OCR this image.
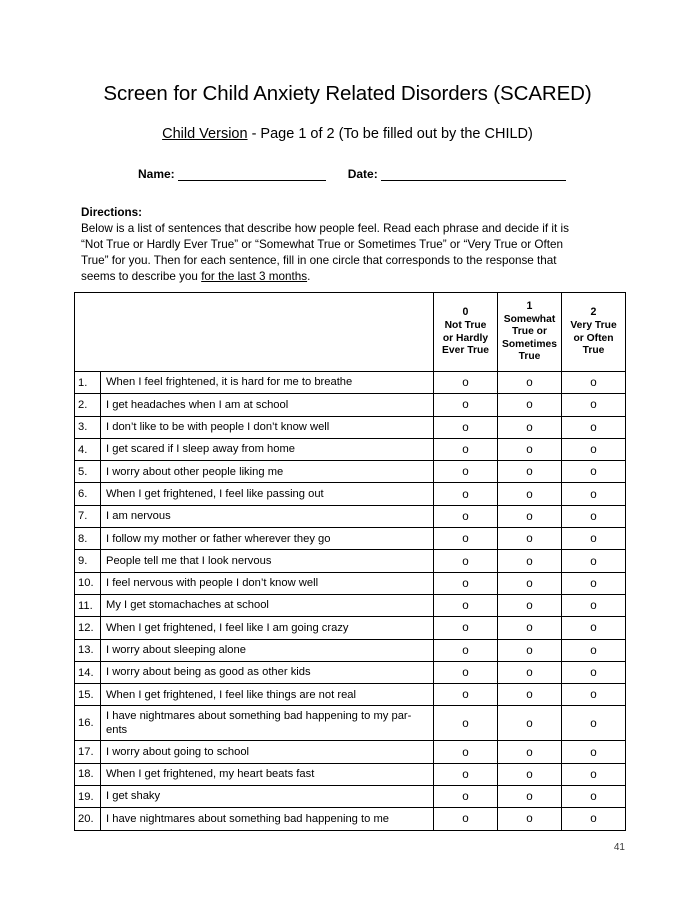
Screen for Child Anxiety Related Disorders (SCARED)
Child Version - Page 1 of 2 (To be filled out by the CHILD)
Name:	Date:
Directions:
Below is a list of sentences that describe how people feel. Read each phrase and decide if it is
“Not True or Hardly Ever True” or “Somewhat True or Sometimes True” or “Very True or Often
True” for you. Then for each sentence, fill in one circle that corresponds to the response that
seems to describe you for the last 3 months.

		0
Not True
or Hardly
Ever True	1
Somewhat
True or
Sometimes
True	2
Very True
or Often
True

1.	When I feel frightened, it is hard for me to breathe	o	o	o
2.	I get headaches when I am at school	o	o	o
3.	I don’t like to be with people I don’t know well	o	o	o
4.	I get scared if I sleep away from home	o	o	o
5.	I worry about other people liking me	o	o	o
6.	When I get frightened, I feel like passing out	o	o	o
7.	I am nervous	o	o	o
8.	I follow my mother or father wherever they go	o	o	o
9.	People tell me that I look nervous	o	o	o
10.	I feel nervous with people I don’t know well	o	o	o
11.	My I get stomachaches at school	o	o	o
12.	When I get frightened, I feel like I am going crazy	o	o	o
13.	I worry about sleeping alone	o	o	o
14.	I worry about being as good as other kids	o	o	o
15.	When I get frightened, I feel like things are not real	o	o	o
16.	I have nightmares about something bad happening to my par-ents	o	o	o
17.	I worry about going to school	o	o	o
18.	When I get frightened, my heart beats fast	o	o	o
19.	I get shaky	o	o	o
20.	I have nightmares about something bad happening to me	o	o	o
41
